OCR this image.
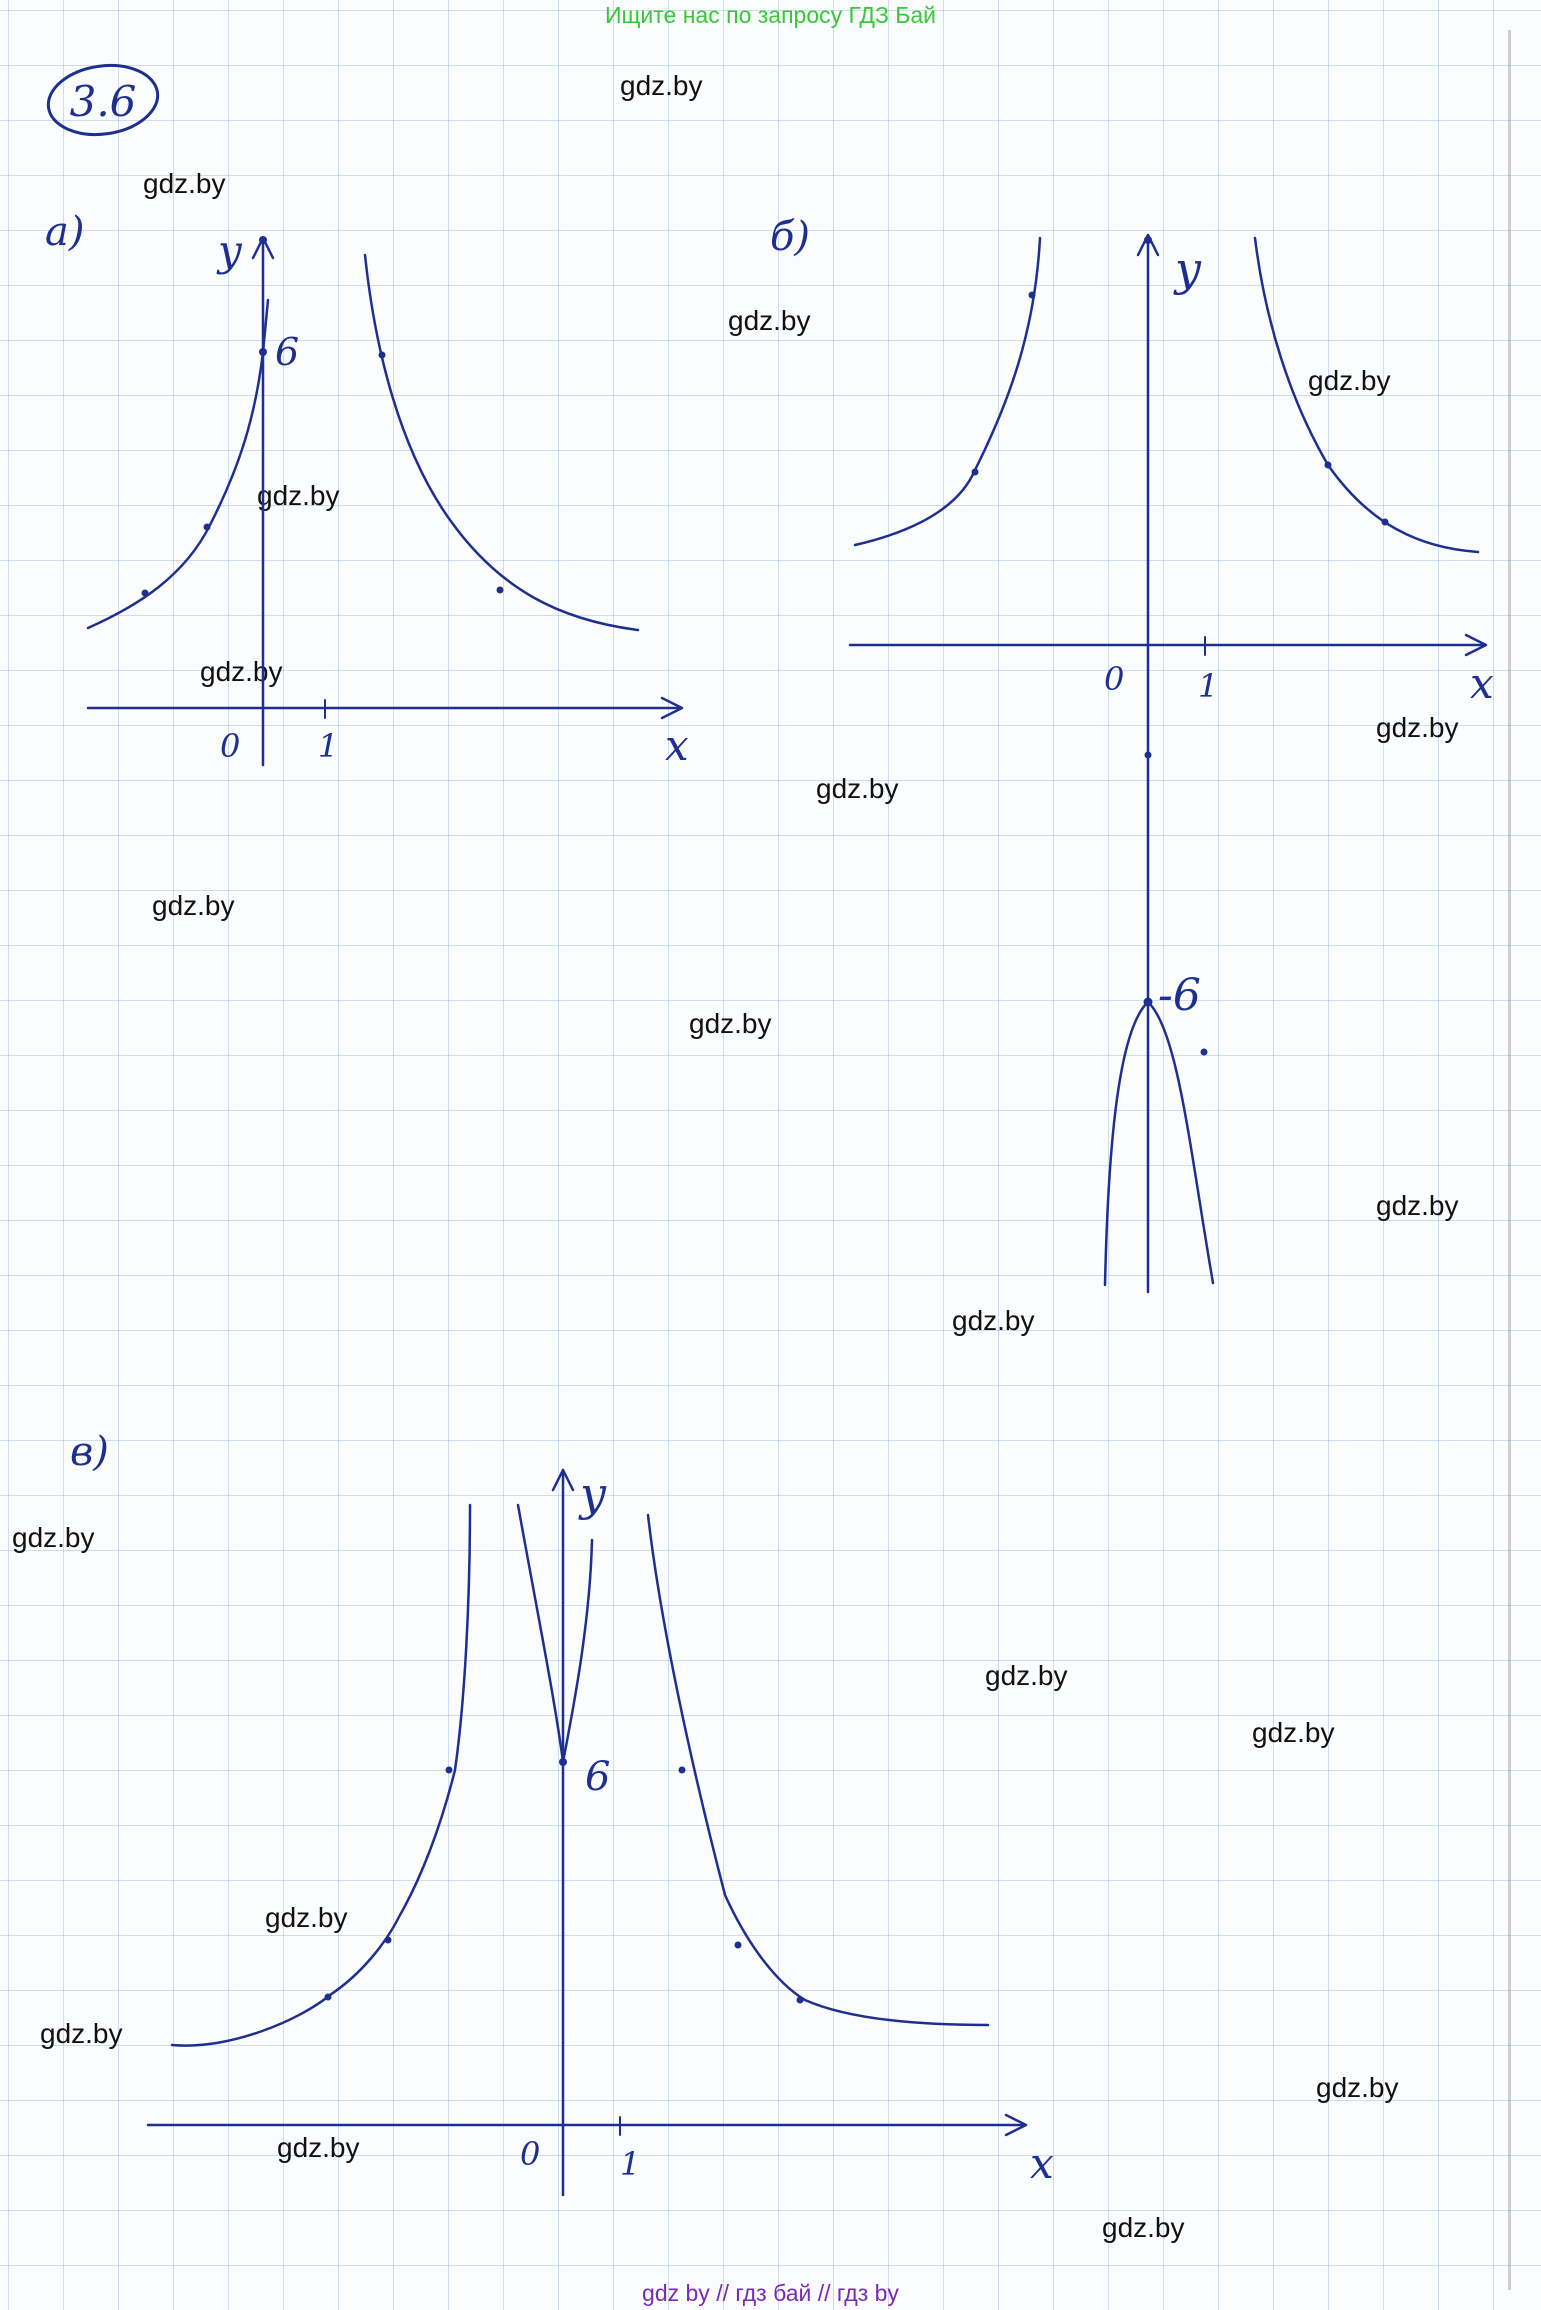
Ищите нас по запросу ГДЗ Бай
gdz.by
gdz.by
gdz.by
gdz.by
gdz.by
gdz.by
gdz.by
gdz.by
gdz.by
gdz.by
gdz.by
gdz.by
gdz.by
gdz.by
gdz.by
gdz.by
gdz.by
gdz.by
gdz.by
gdz.by
3.6
а)	y
x
0 1
6
б)
y
x
0 1
-6
в)
y
x
0 1
6
gdz by // гдз бай // гдз by
